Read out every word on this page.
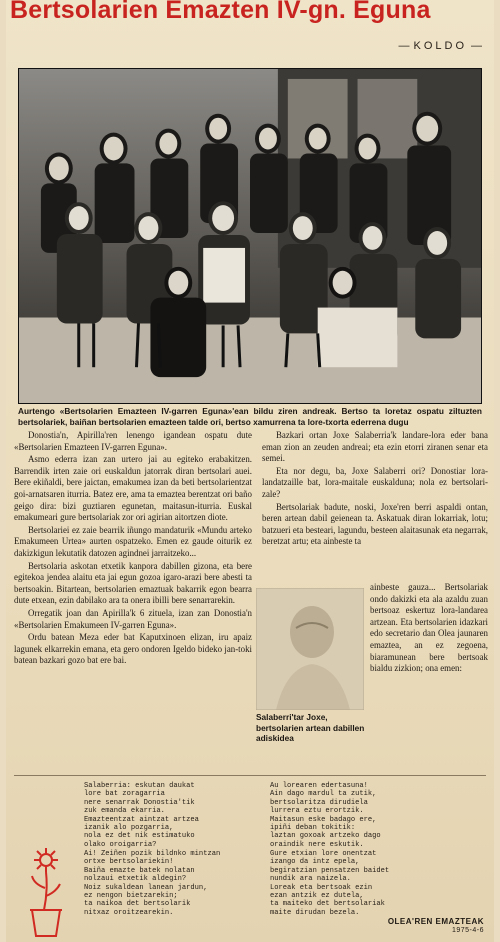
Bertsolarien Emazten IV-gn. Eguna
— KOLDO —
Aurtengo «Bertsolarien Emazteen IV-garren Eguna»'ean bildu ziren andreak. Bertso ta loretaz ospatu ziltuzten bertsolariek, baiñan bertsolarien emazteen talde ori, bertso xamurrena ta lore-txorta ederrena dugu

Donostia'n, Apirilla'ren lenengo igandean ospatu dute «Bertsolarien Emazteen IV-garren Eguna».

Asmo ederra izan zan urtero jai au egiteko erabakitzen. Barrendik irten zaie ori euskaldun jatorrak diran bertsolari auei. Bere ekiñaldi, bere jaictan, emakumea izan da beti bertsolarientzat goi-arnatsaren iturria. Batez ere, ama ta emaztea berentzat ori baño geigo dira: bizi guztiaren egunetan, maitasun-iturria. Euskal emakumeari gure bertsolariak zor ori agirian aitortzen diote.

Bertsolariei ez zaie bearrik iñungo mandaturik «Mundu arteko Emakumeen Urtea» aurten ospatzeko. Emen ez gaude oiturik ez dakizkigun lekutatik datozen agindnei jarraitzeko...

Bertsolaria askotan etxetik kanpora dabillen gizona, eta bere egitekoa jendea alaitu eta jai egun gozoa igaro-arazi bere abesti ta bertsoakin. Bitartean, bertsolarien emaztuak bakarrik egon bearra dute etxean, ezin dabilako ara ta onera ibilli bere senarrarekin.

Orregatik joan dan Apirilla'k 6 zituela, izan zan Donostia'n «Bertsolarien Emakumeen IV-garren Eguna».

Ordu batean Meza eder bat Kaputxinoen elizan, iru apaiz lagunek elkarrekin emana, eta gero ondoren Igeldo bideko jan-toki batean bazkari gozo bat ere bai.

Bazkari ortan Joxe Salaberria'k landare-lora eder bana eman zion an zeuden andreai; eta ezin etorri ziranen senar eta semei.

Eta nor degu, ba, Joxe Salaberri ori? Donostiar lora-landatzaille bat, lora-maitale euskalduna; nola ez bertsolari-zale?

Bertsolariak badute, noski, Joxe'ren berri aspaldi ontan, beren artean dabil geienean ta. Askatuak diran lokarriak, lotu; batzueri eta besteari, lagundu, besteen alaitasunak eta negarrak, beretzat artu; eta ainbeste ta

Salaberri'tar Joxe, bertsolarien artean dabillen adiskidea

ainbeste gauza... Bertsolariak ondo dakizki eta ala azaldu zuan bertsoaz eskertuz lora-landarea artzean. Eta bertsolarien idazkari edo secretario dan Olea jaunaren emaztea, an ez zegoena, biaramunean bere bertsoak bialdu zizkion; ona emen:

Salaberria: eskutan daukat
lore bat zoragarria
nere senarrak Donostia'tik
zuk emanda ekarria.
Emazteentzat aintzat artzea
izanik alo pozgarria,
nola ez det nik estimatuko
olako oroigarria?
Ai! Zeiñen pozik bildnko mintzan
ortxe bertsolariekin!
Baiña emazte batek nolatan
nolzaui etxetik aldegin?
Noiz sukaldean lanean jardun,
ez nengon bietzarekin;
ta naikoa det bertsolarik
nitxaz oroitzearekin.
Au lorearen edertasuna!
Ain dago mardul ta zutik,
bertsolaritza dirudiela
lurrera eztu erortzik.
Maitasun eske badago ere,
ipiñi deban tokitik:
laztan goxoak artzeko dago
oraindik nere eskutik.
Gure etxian lore onentzat
izango da intz epela,
begiratzian pensatzen baidet
nundik ara naizela.
Loreak eta bertsoak ezin
ezan antzik ez dutela,
ta maiteko det bertsolariak
maite dirudan bezela.
OLEA'REN EMAZTEAK
1975-4-6
